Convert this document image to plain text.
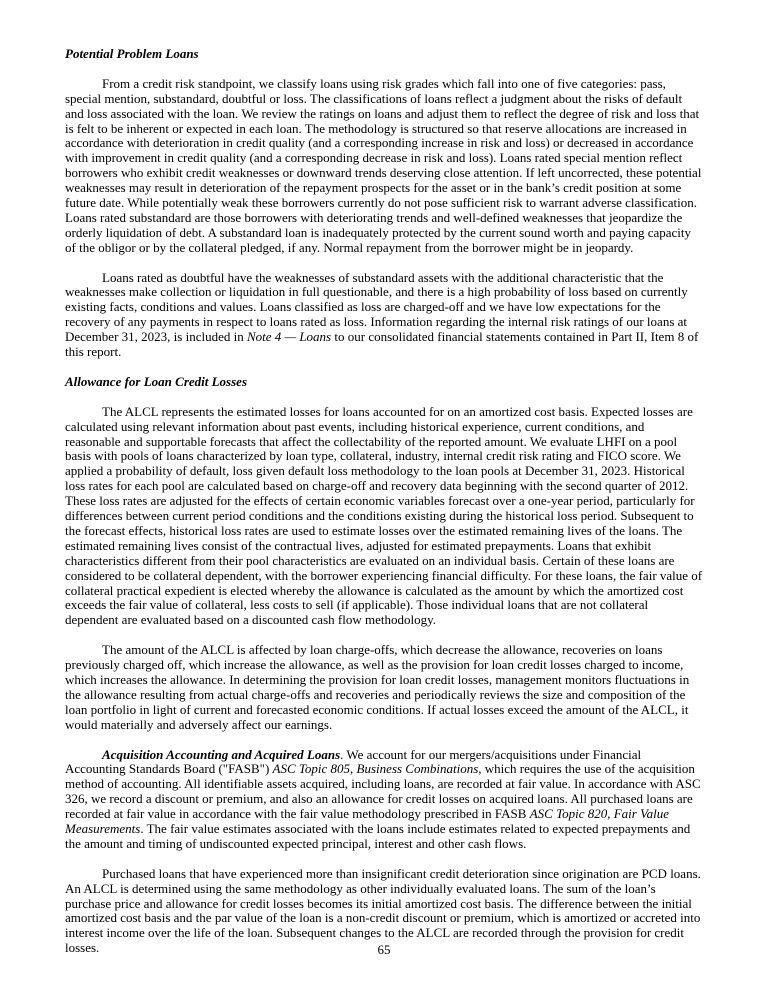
Potential Problem Loans

From a credit risk standpoint, we classify loans using risk grades which fall into one of five categories: pass, special mention, substandard, doubtful or loss. The classifications of loans reflect a judgment about the risks of default and loss associated with the loan. We review the ratings on loans and adjust them to reflect the degree of risk and loss that is felt to be inherent or expected in each loan. The methodology is structured so that reserve allocations are increased in accordance with deterioration in credit quality (and a corresponding increase in risk and loss) or decreased in accordance with improvement in credit quality (and a corresponding decrease in risk and loss). Loans rated special mention reflect borrowers who exhibit credit weaknesses or downward trends deserving close attention. If left uncorrected, these potential weaknesses may result in deterioration of the repayment prospects for the asset or in the bank’s credit position at some future date. While potentially weak these borrowers currently do not pose sufficient risk to warrant adverse classification. Loans rated substandard are those borrowers with deteriorating trends and well-defined weaknesses that jeopardize the orderly liquidation of debt. A substandard loan is inadequately protected by the current sound worth and paying capacity of the obligor or by the collateral pledged, if any. Normal repayment from the borrower might be in jeopardy.

Loans rated as doubtful have the weaknesses of substandard assets with the additional characteristic that the weaknesses make collection or liquidation in full questionable, and there is a high probability of loss based on currently existing facts, conditions and values. Loans classified as loss are charged-off and we have low expectations for the recovery of any payments in respect to loans rated as loss. Information regarding the internal risk ratings of our loans at December 31, 2023, is included in Note 4 — Loans to our consolidated financial statements contained in Part II, Item 8 of this report.

Allowance for Loan Credit Losses

The ALCL represents the estimated losses for loans accounted for on an amortized cost basis. Expected losses are calculated using relevant information about past events, including historical experience, current conditions, and reasonable and supportable forecasts that affect the collectability of the reported amount. We evaluate LHFI on a pool basis with pools of loans characterized by loan type, collateral, industry, internal credit risk rating and FICO score. We applied a probability of default, loss given default loss methodology to the loan pools at December 31, 2023. Historical loss rates for each pool are calculated based on charge-off and recovery data beginning with the second quarter of 2012. These loss rates are adjusted for the effects of certain economic variables forecast over a one-year period, particularly for differences between current period conditions and the conditions existing during the historical loss period. Subsequent to the forecast effects, historical loss rates are used to estimate losses over the estimated remaining lives of the loans. The estimated remaining lives consist of the contractual lives, adjusted for estimated prepayments. Loans that exhibit characteristics different from their pool characteristics are evaluated on an individual basis. Certain of these loans are considered to be collateral dependent, with the borrower experiencing financial difficulty. For these loans, the fair value of collateral practical expedient is elected whereby the allowance is calculated as the amount by which the amortized cost exceeds the fair value of collateral, less costs to sell (if applicable). Those individual loans that are not collateral dependent are evaluated based on a discounted cash flow methodology.

The amount of the ALCL is affected by loan charge-offs, which decrease the allowance, recoveries on loans previously charged off, which increase the allowance, as well as the provision for loan credit losses charged to income, which increases the allowance. In determining the provision for loan credit losses, management monitors fluctuations in the allowance resulting from actual charge-offs and recoveries and periodically reviews the size and composition of the loan portfolio in light of current and forecasted economic conditions. If actual losses exceed the amount of the ALCL, it would materially and adversely affect our earnings.

Acquisition Accounting and Acquired Loans. We account for our mergers/acquisitions under Financial Accounting Standards Board ("FASB") ASC Topic 805, Business Combinations, which requires the use of the acquisition method of accounting. All identifiable assets acquired, including loans, are recorded at fair value. In accordance with ASC 326, we record a discount or premium, and also an allowance for credit losses on acquired loans. All purchased loans are recorded at fair value in accordance with the fair value methodology prescribed in FASB ASC Topic 820, Fair Value Measurements. The fair value estimates associated with the loans include estimates related to expected prepayments and the amount and timing of undiscounted expected principal, interest and other cash flows.

Purchased loans that have experienced more than insignificant credit deterioration since origination are PCD loans. An ALCL is determined using the same methodology as other individually evaluated loans. The sum of the loan’s purchase price and allowance for credit losses becomes its initial amortized cost basis. The difference between the initial amortized cost basis and the par value of the loan is a non-credit discount or premium, which is amortized or accreted into interest income over the life of the loan. Subsequent changes to the ALCL are recorded through the provision for credit losses.	65
